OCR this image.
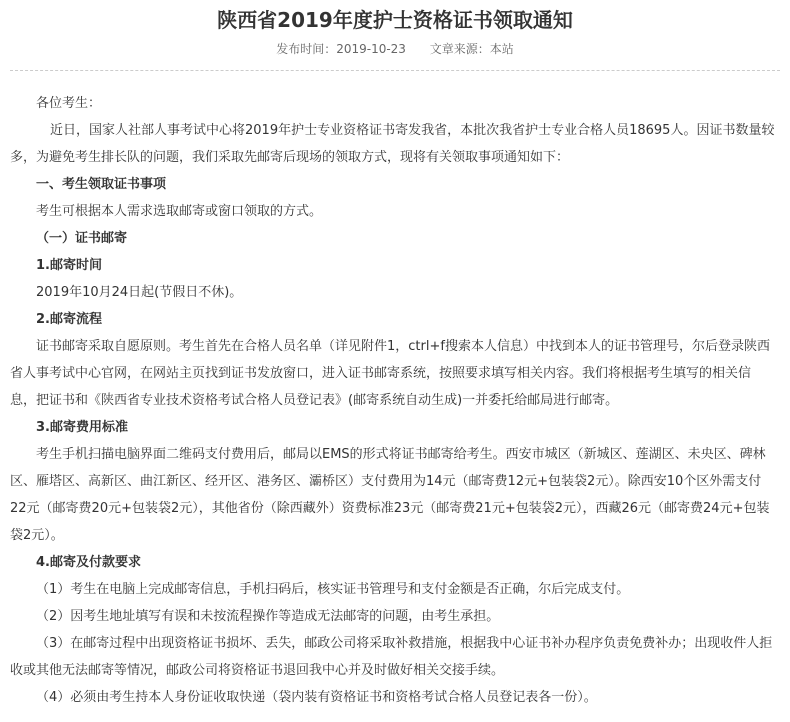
陕西省2019年度护士资格证书领取通知
发布时间：2019-10-23 文章来源：本站

各位考生：

近日，国家人社部人事考试中心将2019年护士专业资格证书寄发我省，本批次我省护士专业合格人员18695人。因证书数量较多，为避免考生排长队的问题，我们采取先邮寄后现场的领取方式，现将有关领取事项通知如下：

一、考生领取证书事项

考生可根据本人需求选取邮寄或窗口领取的方式。

（一）证书邮寄

1.邮寄时间

2019年10月24日起(节假日不休)。

2.邮寄流程

证书邮寄采取自愿原则。考生首先在合格人员名单（详见附件1，ctrl+f搜索本人信息）中找到本人的证书管理号，尔后登录陕西省人事考试中心官网，在网站主页找到证书发放窗口，进入证书邮寄系统，按照要求填写相关内容。我们将根据考生填写的相关信息，把证书和《陕西省专业技术资格考试合格人员登记表》(邮寄系统自动生成)一并委托给邮局进行邮寄。

3.邮寄费用标准

考生手机扫描电脑界面二维码支付费用后，邮局以EMS的形式将证书邮寄给考生。西安市城区（新城区、莲湖区、未央区、碑林区、雁塔区、高新区、曲江新区、经开区、港务区、灞桥区）支付费用为14元（邮寄费12元+包装袋2元）。除西安10个区外需支付22元（邮寄费20元+包装袋2元），其他省份（除西藏外）资费标准23元（邮寄费21元+包装袋2元），西藏26元（邮寄费24元+包装袋2元）。

4.邮寄及付款要求

（1）考生在电脑上完成邮寄信息，手机扫码后，核实证书管理号和支付金额是否正确，尔后完成支付。

（2）因考生地址填写有误和未按流程操作等造成无法邮寄的问题，由考生承担。

（3）在邮寄过程中出现资格证书损坏、丢失，邮政公司将采取补救措施，根据我中心证书补办程序负责免费补办；出现收件人拒收或其他无法邮寄等情况，邮政公司将资格证书退回我中心并及时做好相关交接手续。

（4）必须由考生持本人身份证收取快递（袋内装有资格证书和资格考试合格人员登记表各一份）。
